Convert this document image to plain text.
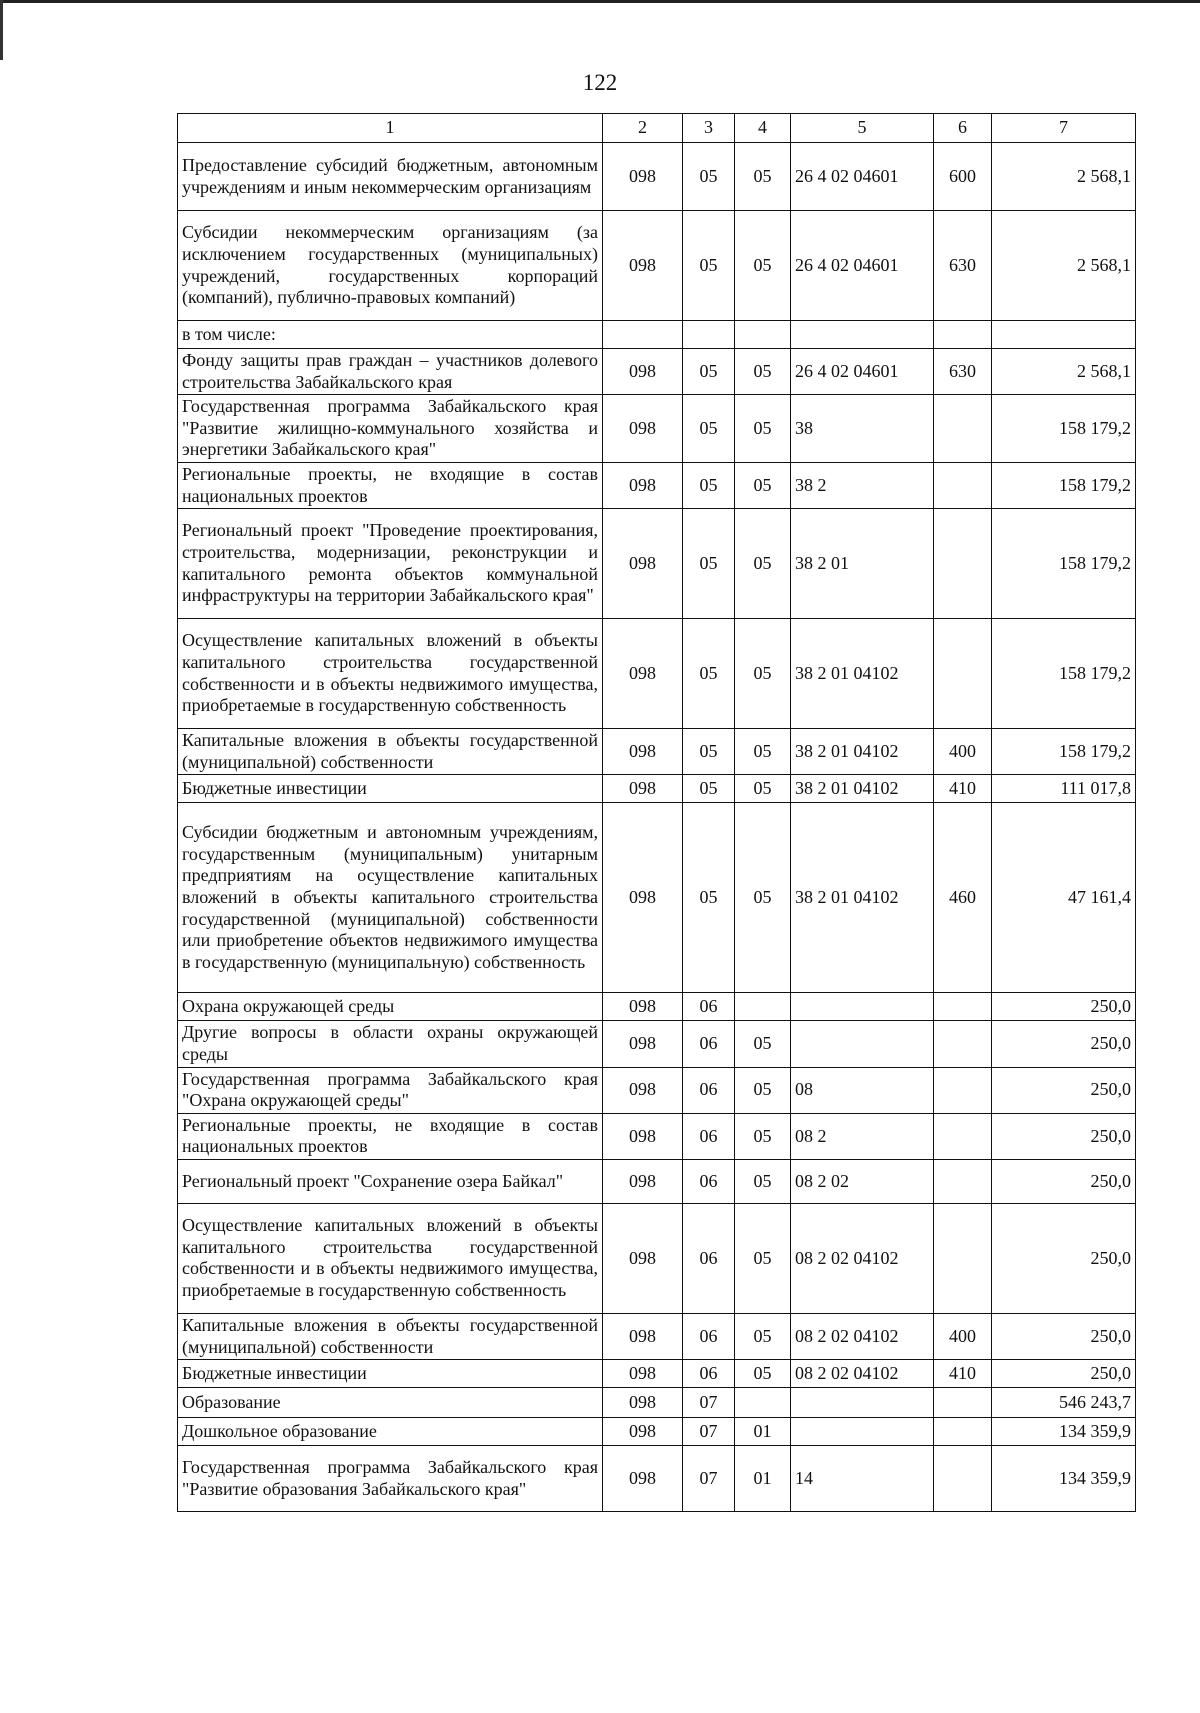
122
1	2	3	4	5	6	7
Предоставление субсидий бюджетным, автономным учреждениям и иным некоммерческим организациям	098	05	05	26 4 02 04601	600	2 568,1
Субсидии некоммерческим организациям (за исключением государственных (муниципальных) учреждений, государственных корпораций (компаний), публично-правовых компаний)	098	05	05	26 4 02 04601	630	2 568,1
в том числе:						
Фонду защиты прав граждан – участников долевого строительства Забайкальского края	098	05	05	26 4 02 04601	630	2 568,1
Государственная программа Забайкальского края "Развитие жилищно-коммунального хозяйства и энергетики Забайкальского края"	098	05	05	38		158 179,2
Региональные проекты, не входящие в состав национальных проектов	098	05	05	38 2		158 179,2
Региональный проект "Проведение проектирования, строительства, модернизации, реконструкции и капитального ремонта объектов коммунальной инфраструктуры на территории Забайкальского края"	098	05	05	38 2 01		158 179,2
Осуществление капитальных вложений в объекты капитального строительства государственной собственности и в объекты недвижимого имущества, приобретаемые в государственную собственность	098	05	05	38 2 01 04102		158 179,2
Капитальные вложения в объекты государственной (муниципальной) собственности	098	05	05	38 2 01 04102	400	158 179,2
Бюджетные инвестиции	098	05	05	38 2 01 04102	410	111 017,8
Субсидии бюджетным и автономным учреждениям, государственным (муниципальным) унитарным предприятиям на осуществление капитальных вложений в объекты капитального строительства государственной (муниципальной) собственности или приобретение объектов недвижимого имущества в государственную (муниципальную) собственность	098	05	05	38 2 01 04102	460	47 161,4
Охрана окружающей среды	098	06				250,0
Другие вопросы в области охраны окружающей среды	098	06	05			250,0
Государственная программа Забайкальского края "Охрана окружающей среды"	098	06	05	08		250,0
Региональные проекты, не входящие в состав национальных проектов	098	06	05	08 2		250,0
Региональный проект "Сохранение озера Байкал"	098	06	05	08 2 02		250,0
Осуществление капитальных вложений в объекты капитального строительства государственной собственности и в объекты недвижимого имущества, приобретаемые в государственную собственность	098	06	05	08 2 02 04102		250,0
Капитальные вложения в объекты государственной (муниципальной) собственности	098	06	05	08 2 02 04102	400	250,0
Бюджетные инвестиции	098	06	05	08 2 02 04102	410	250,0
Образование	098	07				546 243,7
Дошкольное образование	098	07	01			134 359,9
Государственная программа Забайкальского края "Развитие образования Забайкальского края"	098	07	01	14		134 359,9
